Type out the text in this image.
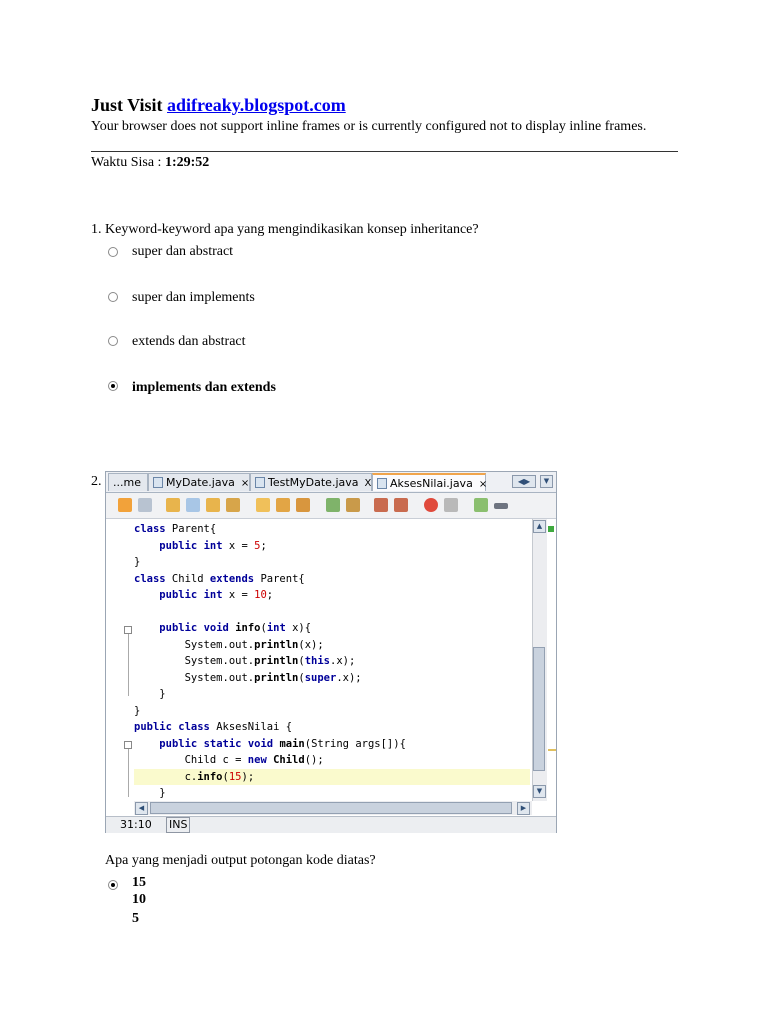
Just Visit adifreaky.blogspot.com
Your browser does not support inline frames or is currently configured not to display inline frames.
Waktu Sisa : 1:29:52
1. Keyword-keyword apa yang mengindikasikan konsep inheritance?
super dan abstract
super dan implements
extends dan abstract
implements dan extends
2.	...me	MyDate.java ×	TestMyDate.java X	AksesNilai.java ×	◀▶	▼
class Parent{
public int x = 5;
}
class Child extends Parent{
public int x = 10;
public void info(int x){
System.out.println(x);
System.out.println(this.x);
System.out.println(super.x);
}
}
public class AksesNilai {
public static void main(String args[]){
Child c = new Child();
c.info(15);
}
▲
▼
◀	▶
31:10 INS
Apa yang menjadi output potongan kode diatas?
15
10
5
